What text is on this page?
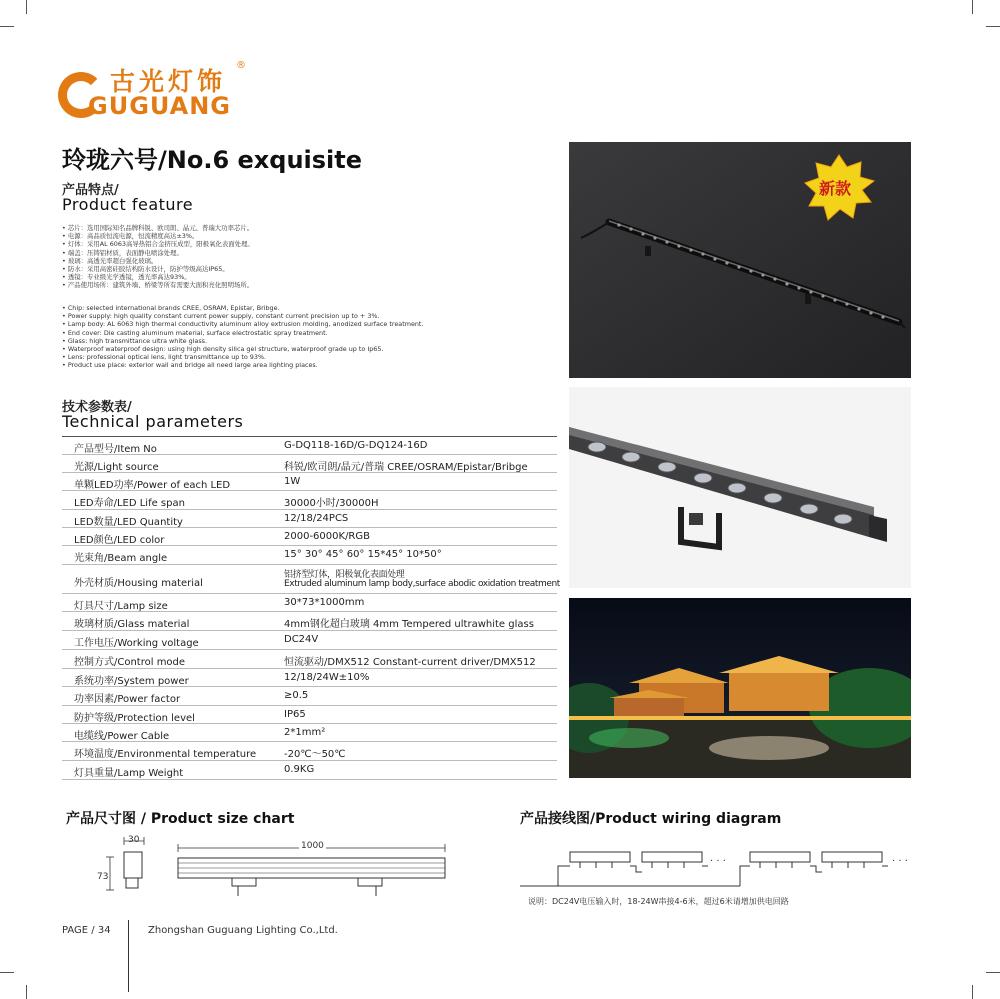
古光灯饰
®
GUGUANG
玲珑六号/No.6 exquisite
产品特点/
Product feature
• 芯片：选用国际知名品牌科锐、欧司朗、晶元、普瑞大功率芯片。
• 电源：高品质恒流电源，恒流精度高达±3%。
• 灯体：采用AL 6063高导热铝合金挤压成型，阳极氧化表面处理。
• 端盖：压铸铝材质，表面静电喷涂处理。
• 玻璃：高透光率超白强化玻璃。
• 防水：采用高密硅胶结构防水设计，防护等级高达IP65。
• 透镜：专业级光学透镜，透光率高达93%。
• 产品使用场所：建筑外墙、桥梁等所有需要大面积亮化照明场所。
• Chip: selected international brands CREE, OSRAM, Epistar, Bribge.
• Power supply: high quality constant current power supply, constant current precision up to + 3%.
• Lamp body: AL 6063 high thermal conductivity aluminum alloy extrusion molding, anodized surface treatment.
• End cover: Die casting aluminum material, surface electrostatic spray treatment.
• Glass: high transmittance ultra white glass.
• Waterproof waterproof design: using high density silica gel structure, waterproof grade up to Ip65.
• Lens: professional optical lens, light transmittance up to 93%.
• Product use place: exterior wall and bridge all need large area lighting places.
技术参数表/
Technical parameters
产品型号/Item No	G-DQ118-16D/G-DQ124-16D
光源/Light source	科锐/欧司朗/晶元/普瑞 CREE/OSRAM/Epistar/Bribge
单颗LED功率/Power of each LED	1W
LED寿命/LED Life span	30000小时/30000H
LED数量/LED Quantity	12/18/24PCS
LED颜色/LED color	2000-6000K/RGB
光束角/Beam angle	15° 30° 45° 60° 15*45° 10*50°
外壳材质/Housing material
铝挤型灯体，阳极氧化表面处理
Extruded aluminum lamp body,surface abodic oxidation treatment
灯具尺寸/Lamp size	30*73*1000mm
玻璃材质/Glass material	4mm钢化超白玻璃 4mm Tempered ultrawhite glass
工作电压/Working voltage	DC24V
控制方式/Control mode	恒流驱动/DMX512 Constant-current driver/DMX512
系统功率/System power	12/18/24W±10%
功率因素/Power factor	≥0.5
防护等级/Protection level	IP65
电缆线/Power Cable	2*1mm²
环境温度/Environmental temperature	-20℃～50℃
灯具重量/Lamp Weight	0.9KG
新款
产品尺寸图 / Product size chart
30
73
1000
产品接线图/Product wiring diagram
· · ·	· · ·
说明：DC24V电压输入时，18-24W串接4-6米，超过6米请增加供电回路
PAGE / 34	Zhongshan Guguang Lighting Co.,Ltd.
